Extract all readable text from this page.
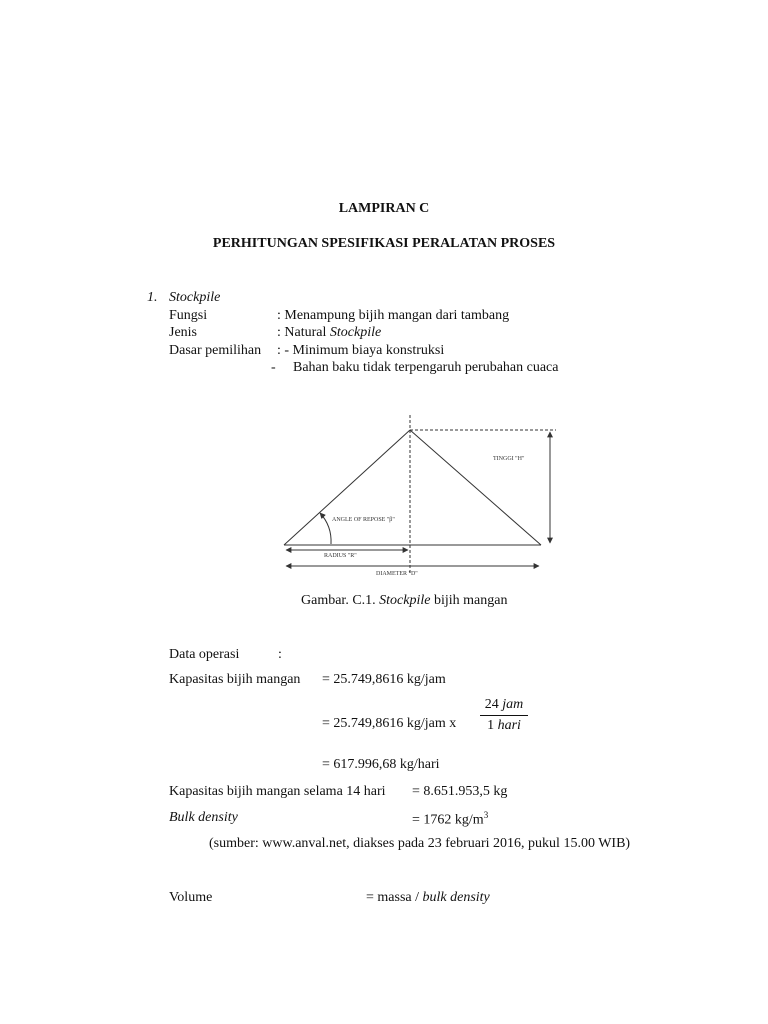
LAMPIRAN C
PERHITUNGAN SPESIFIKASI PERALATAN PROSES
1. Stockpile
Fungsi	: Menampung bijih mangan dari tambang
Jenis	: Natural Stockpile
Dasar pemilihan : - Minimum biaya konstruksi
- Bahan baku tidak terpengaruh perubahan cuaca
TINGGI "H"
ANGLE OF REPOSE "β"
RADIUS "R"
DIAMETER "D"
Gambar. C.1. Stockpile bijih mangan
Data operasi	:
Kapasitas bijih mangan = 25.749,8616 kg/jam
= 25.749,8616 kg/jam x
24 jam
1 hari
= 617.996,68 kg/hari
Kapasitas bijih mangan selama 14 hari = 8.651.953,5 kg
Bulk density	= 1762 $kg/m^3$
(sumber: www.anval.net, diakses pada 23 februari 2016, pukul 15.00 WIB)
Volume	= massa / bulk density
